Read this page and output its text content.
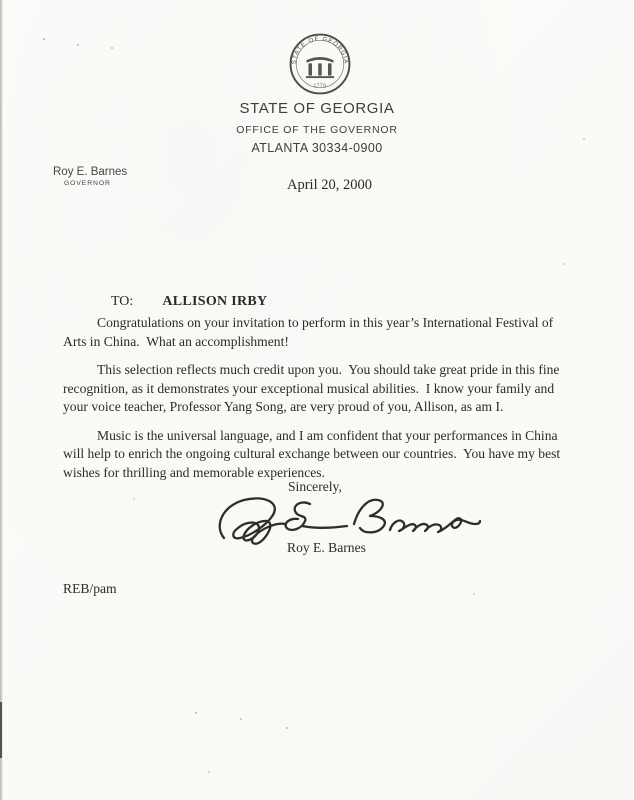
STATE OF GEORGIA
1776
STATE OF GEORGIA
OFFICE OF THE GOVERNOR
ATLANTA 30334-0900
Roy E. Barnes
GOVERNOR	April 20, 2000

TO: ALLISON IRBY

Congratulations on your invitation to perform in this year’s International Festival of
Arts in China.  What an accomplishment!
This selection reflects much credit upon you.  You should take great pride in this fine
recognition, as it demonstrates your exceptional musical abilities.  I know your family and
your voice teacher, Professor Yang Song, are very proud of you, Allison, as am I.
Music is the universal language, and I am confident that your performances in China
will help to enrich the ongoing cultural exchange between our countries.  You have my best
wishes for thrilling and memorable experiences.
Sincerely,
Roy E. Barnes
REB/pam
